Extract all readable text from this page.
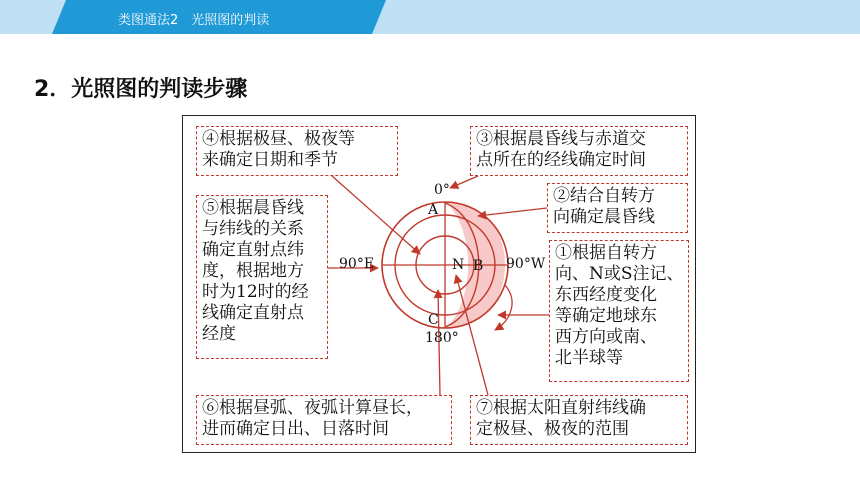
类图通法2　光照图的判读
2．光照图的判读步骤
0°
180°
90°E	90°W
N
A
B
C
④根据极昼、极夜等
来确定日期和季节
③根据晨昏线与赤道交
点所在的经线确定时间
②结合自转方
向确定晨昏线
⑤根据晨昏线
与纬线的关系
确定直射点纬
度，根据地方
时为12时的经
线确定直射点
经度
①根据自转方
向、N或S注记、
东西经度变化
等确定地球东
西方向或南、
北半球等
⑥根据昼弧、夜弧计算昼长，
进而确定日出、日落时间
⑦根据太阳直射纬线确
定极昼、极夜的范围
